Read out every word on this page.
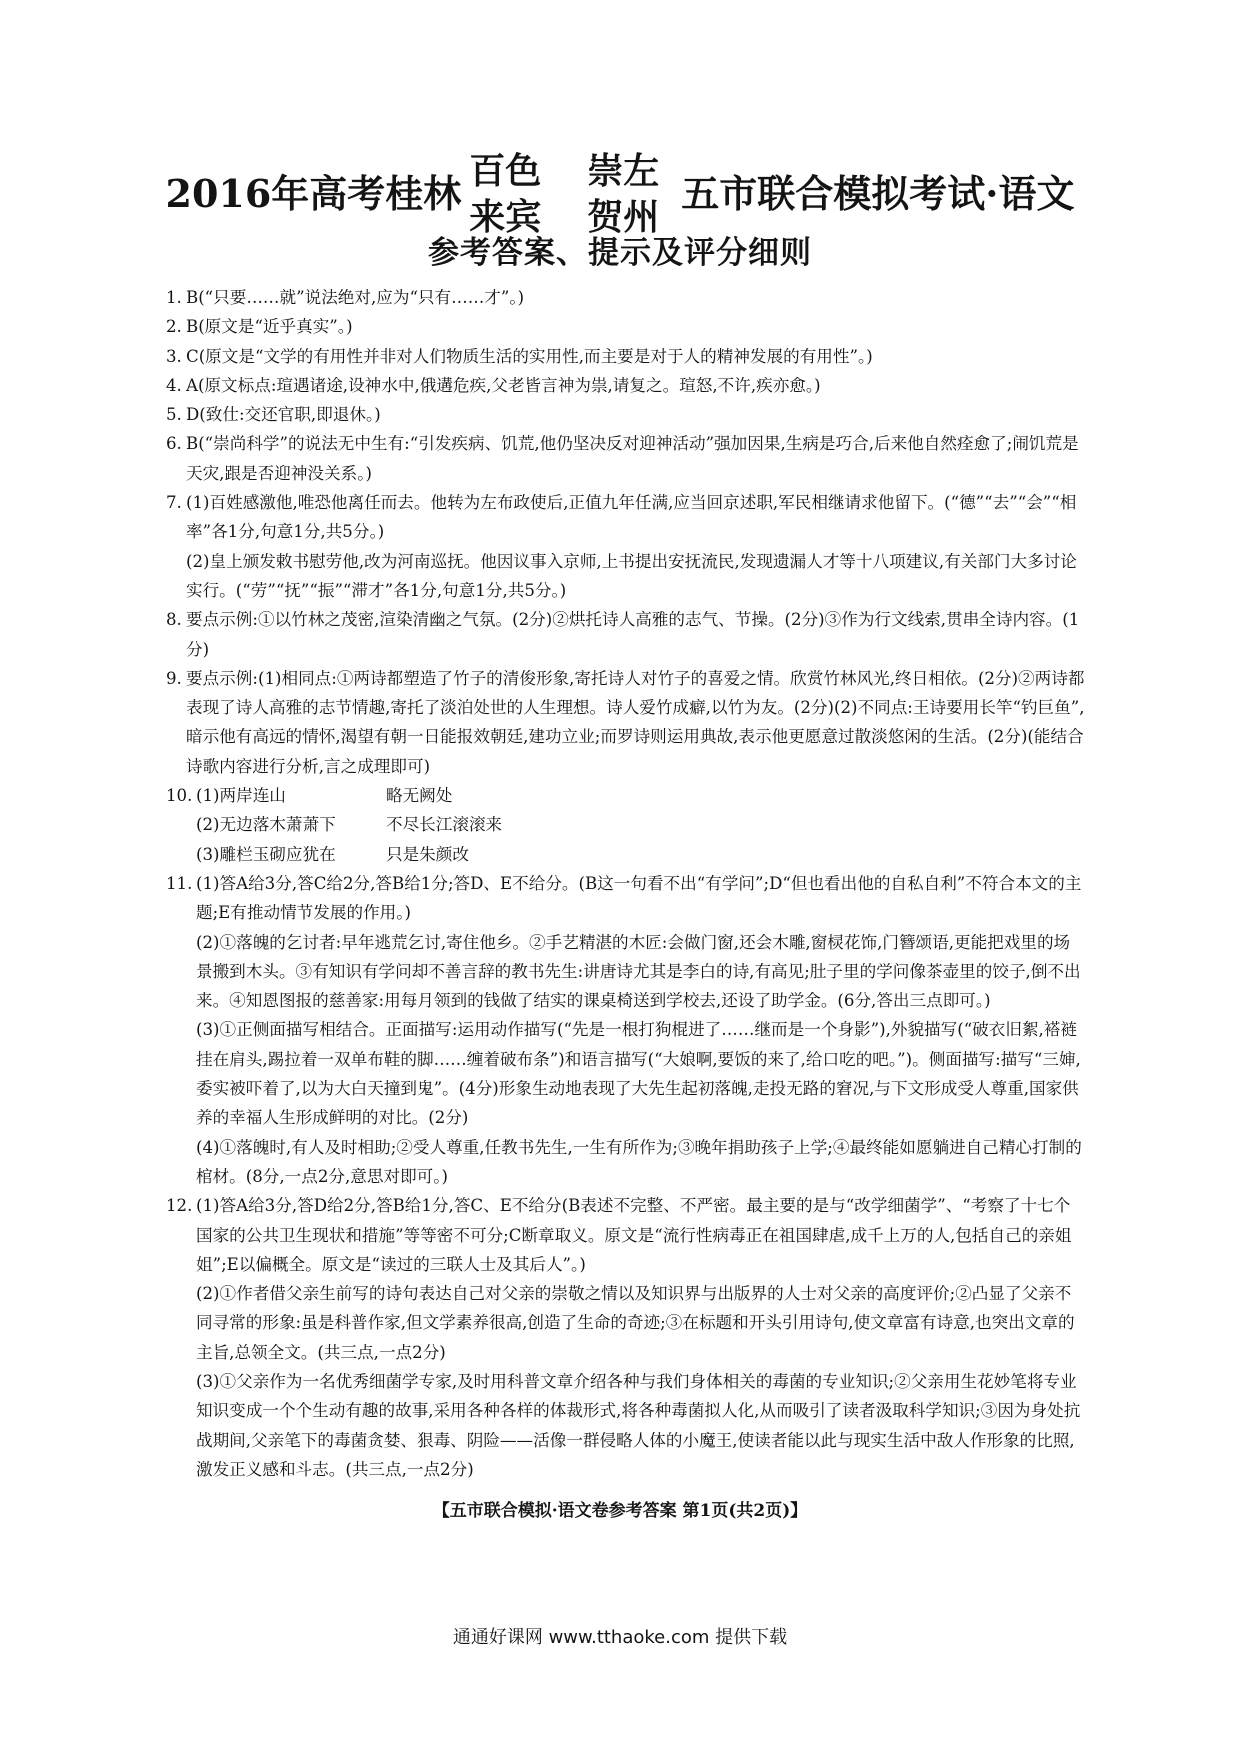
2016年高考桂林 百色 崇左
来宾 贺州
五市联合模拟考试·语文
参考答案、提示及评分细则
1. B(“只要……就”说法绝对,应为“只有……才”。)
2. B(原文是“近乎真实”。)
3. C(原文是“文学的有用性并非对人们物质生活的实用性,而主要是对于人的精神发展的有用性”。)
4. A(原文标点:瑄遇诸途,设神水中,俄遘危疾,父老皆言神为祟,请复之。瑄怒,不许,疾亦愈。)
5. D(致仕:交还官职,即退休。)
6. B(“崇尚科学”的说法无中生有:“引发疾病、饥荒,他仍坚决反对迎神活动”强加因果,生病是巧合,后来他自然痊愈了;闹饥荒是天灾,跟是否迎神没关系。)
7. (1)百姓感激他,唯恐他离任而去。他转为左布政使后,正值九年任满,应当回京述职,军民相继请求他留下。(“德”“去”“会”“相率”各1分,句意1分,共5分。)
(2)皇上颁发敕书慰劳他,改为河南巡抚。他因议事入京师,上书提出安抚流民,发现遗漏人才等十八项建议,有关部门大多讨论实行。(“劳”“抚”“振”“滞才”各1分,句意1分,共5分。)
8. 要点示例:①以竹林之茂密,渲染清幽之气氛。(2分)②烘托诗人高雅的志气、节操。(2分)③作为行文线索,贯串全诗内容。(1分)
9. 要点示例:(1)相同点:①两诗都塑造了竹子的清俊形象,寄托诗人对竹子的喜爱之情。欣赏竹林风光,终日相依。(2分)②两诗都表现了诗人高雅的志节情趣,寄托了淡泊处世的人生理想。诗人爱竹成癖,以竹为友。(2分)(2)不同点:王诗要用长竿“钓巨鱼”,暗示他有高远的情怀,渴望有朝一日能报效朝廷,建功立业;而罗诗则运用典故,表示他更愿意过散淡悠闲的生活。(2分)(能结合诗歌内容进行分析,言之成理即可)
10. (1)两岸连山	略无阙处
(2)无边落木萧萧下	不尽长江滚滚来
(3)雕栏玉砌应犹在	只是朱颜改
11. (1)答A给3分,答C给2分,答B给1分;答D、E不给分。(B这一句看不出“有学问”;D“但也看出他的自私自利”不符合本文的主题;E有推动情节发展的作用。)
(2)①落魄的乞讨者:早年逃荒乞讨,寄住他乡。②手艺精湛的木匠:会做门窗,还会木雕,窗棂花饰,门簪颂语,更能把戏里的场景搬到木头。③有知识有学问却不善言辞的教书先生:讲唐诗尤其是李白的诗,有高见;肚子里的学问像茶壶里的饺子,倒不出来。④知恩图报的慈善家:用每月领到的钱做了结实的课桌椅送到学校去,还设了助学金。(6分,答出三点即可。)
(3)①正侧面描写相结合。正面描写:运用动作描写(“先是一根打狗棍进了……继而是一个身影”),外貌描写(“破衣旧絮,褡裢挂在肩头,踢拉着一双单布鞋的脚……缠着破布条”)和语言描写(“大娘啊,要饭的来了,给口吃的吧。”)。侧面描写:描写“三婶,委实被吓着了,以为大白天撞到鬼”。(4分)形象生动地表现了大先生起初落魄,走投无路的窘况,与下文形成受人尊重,国家供养的幸福人生形成鲜明的对比。(2分)
(4)①落魄时,有人及时相助;②受人尊重,任教书先生,一生有所作为;③晚年捐助孩子上学;④最终能如愿躺进自己精心打制的棺材。(8分,一点2分,意思对即可。)
12. (1)答A给3分,答D给2分,答B给1分,答C、E不给分(B表述不完整、不严密。最主要的是与“改学细菌学”、“考察了十七个国家的公共卫生现状和措施”等等密不可分;C断章取义。原文是“流行性病毒正在祖国肆虐,成千上万的人,包括自己的亲姐姐”;E以偏概全。原文是“读过的三联人士及其后人”。)
(2)①作者借父亲生前写的诗句表达自己对父亲的崇敬之情以及知识界与出版界的人士对父亲的高度评价;②凸显了父亲不同寻常的形象:虽是科普作家,但文学素养很高,创造了生命的奇迹;③在标题和开头引用诗句,使文章富有诗意,也突出文章的主旨,总领全文。(共三点,一点2分)
(3)①父亲作为一名优秀细菌学专家,及时用科普文章介绍各种与我们身体相关的毒菌的专业知识;②父亲用生花妙笔将专业知识变成一个个生动有趣的故事,采用各种各样的体裁形式,将各种毒菌拟人化,从而吸引了读者汲取科学知识;③因为身处抗战期间,父亲笔下的毒菌贪婪、狠毒、阴险——活像一群侵略人体的小魔王,使读者能以此与现实生活中敌人作形象的比照,激发正义感和斗志。(共三点,一点2分)
【五市联合模拟·语文卷参考答案 第1页(共2页)】
通通好课网 www.tthaoke.com 提供下载
